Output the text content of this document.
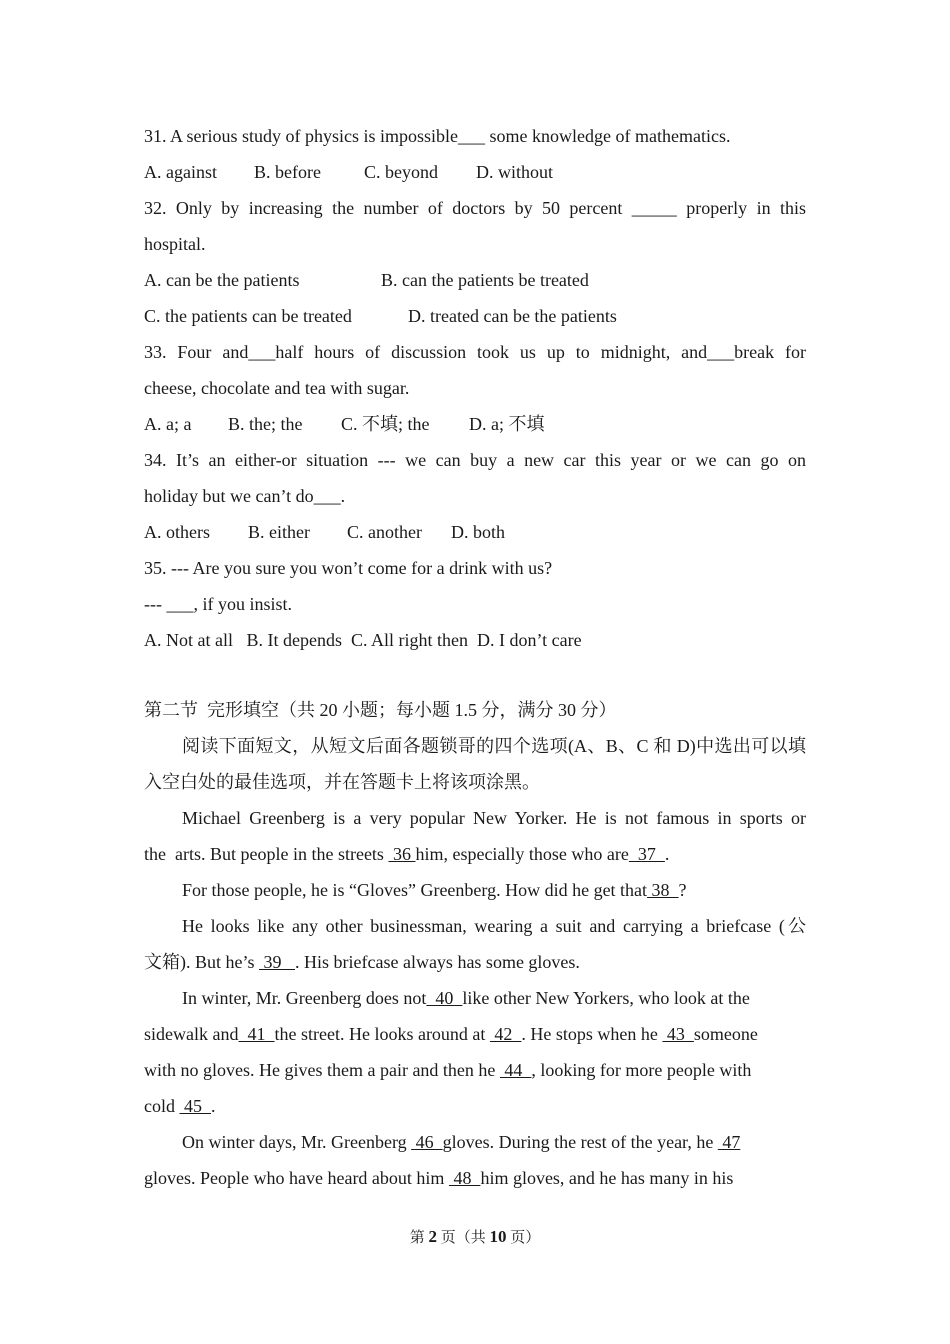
31. A serious study of physics is impossible___ some knowledge of mathematics.
A. against B. before C. beyond D. without
32. Only by increasing the number of doctors by 50 percent _____ properly in this
hospital.
A. can be the patients	B. can the patients be treated
C. the patients can be treated	D. treated can be the patients
33. Four and___half hours of discussion took us up to midnight, and___break for
cheese, chocolate and tea with sugar.
A. a; a B. the; the C. 不填; the D. a; 不填
34. It’s an either-or situation --- we can buy a new car this year or we can go on
holiday but we can’t do___.
A. others B. either C. another D. both
35. --- Are you sure you won’t come for a drink with us?
--- ___, if you insist.
A. Not at all   B. It depends  C. All right then  D. I don’t care
第二节  完形填空（共 20 小题；每小题 1.5 分，满分 30 分）
阅读下面短文，从短文后面各题锁哥的四个选项(A、B、C 和 D)中选出可以填
入空白处的最佳选项，并在答题卡上将该项涂黑。
Michael Greenberg is a very popular New Yorker. He is not famous in sports or
the  arts. But people in the streets  36 him, especially those who are  37  .
For those people, he is “Gloves” Greenberg. How did he get that 38  ?
He looks like any other businessman, wearing a suit and carrying a briefcase (公
文箱). But he’s  39   . His briefcase always has some gloves.
In winter, Mr. Greenberg does not  40  like other New Yorkers, who look at the
sidewalk and  41  the street. He looks around at  42  . He stops when he  43  someone
with no gloves. He gives them a pair and then he  44  , looking for more people with
cold  45  .
On winter days, Mr. Greenberg  46  gloves. During the rest of the year, he  47
gloves. People who have heard about him  48  him gloves, and he has many in his
第 2 页（共 10 页）
